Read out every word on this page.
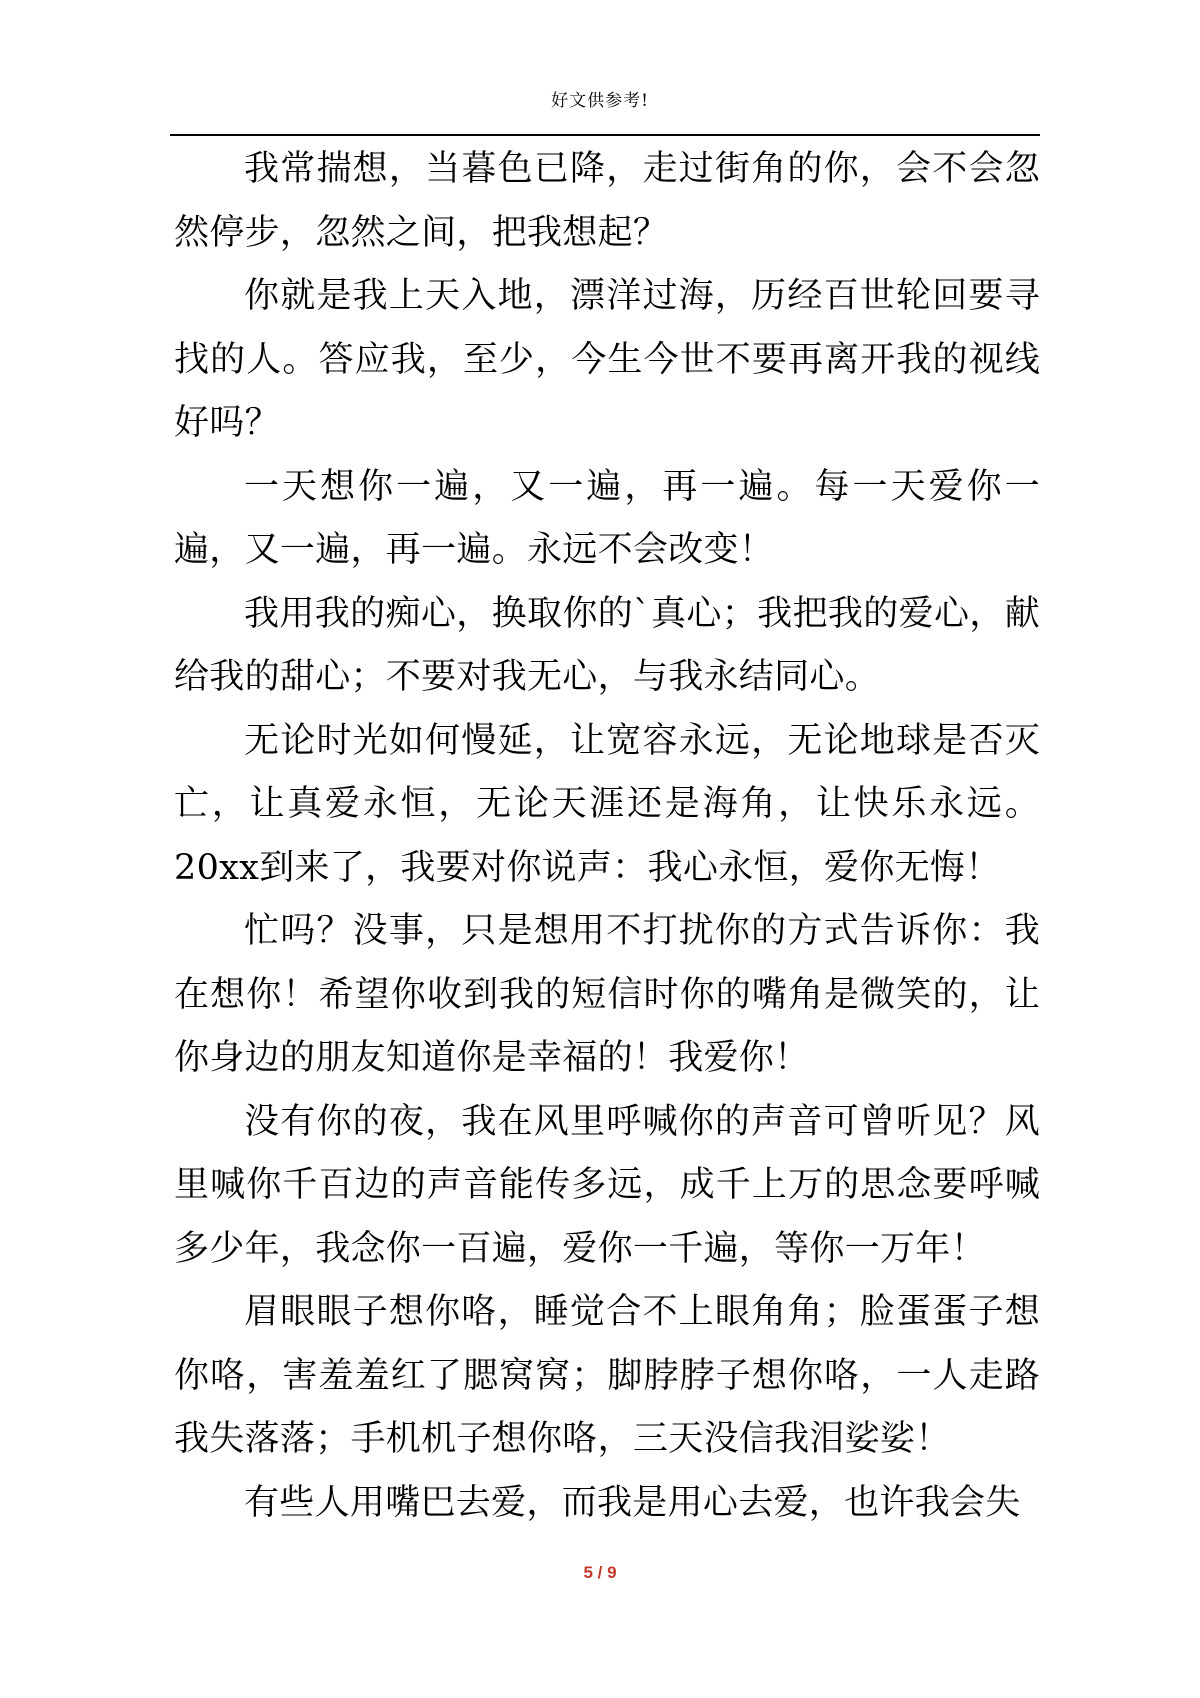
好文供参考!

我常揣想，当暮色已降，走过街角的你，会不会忽然停步，忽然之间，把我想起？

你就是我上天入地，漂洋过海，历经百世轮回要寻找的人。答应我，至少，今生今世不要再离开我的视线好吗？

一天想你一遍，又一遍，再一遍。每一天爱你一遍，又一遍，再一遍。永远不会改变！

我用我的痴心，换取你的`真心；我把我的爱心，献给我的甜心；不要对我无心，与我永结同心。

无论时光如何慢延，让宽容永远，无论地球是否灭亡，让真爱永恒，无论天涯还是海角，让快乐永远。20xx到来了，我要对你说声：我心永恒，爱你无悔！

忙吗？没事，只是想用不打扰你的方式告诉你：我在想你！希望你收到我的短信时你的嘴角是微笑的，让你身边的朋友知道你是幸福的！我爱你！

没有你的夜，我在风里呼喊你的声音可曾听见？风里喊你千百边的声音能传多远，成千上万的思念要呼喊多少年，我念你一百遍，爱你一千遍，等你一万年！

眉眼眼子想你咯，睡觉合不上眼角角；脸蛋蛋子想你咯，害羞羞红了腮窝窝；脚脖脖子想你咯，一人走路我失落落；手机机子想你咯，三天没信我泪娑娑！

有些人用嘴巴去爱，而我是用心去爱，也许我会失

5 / 9
